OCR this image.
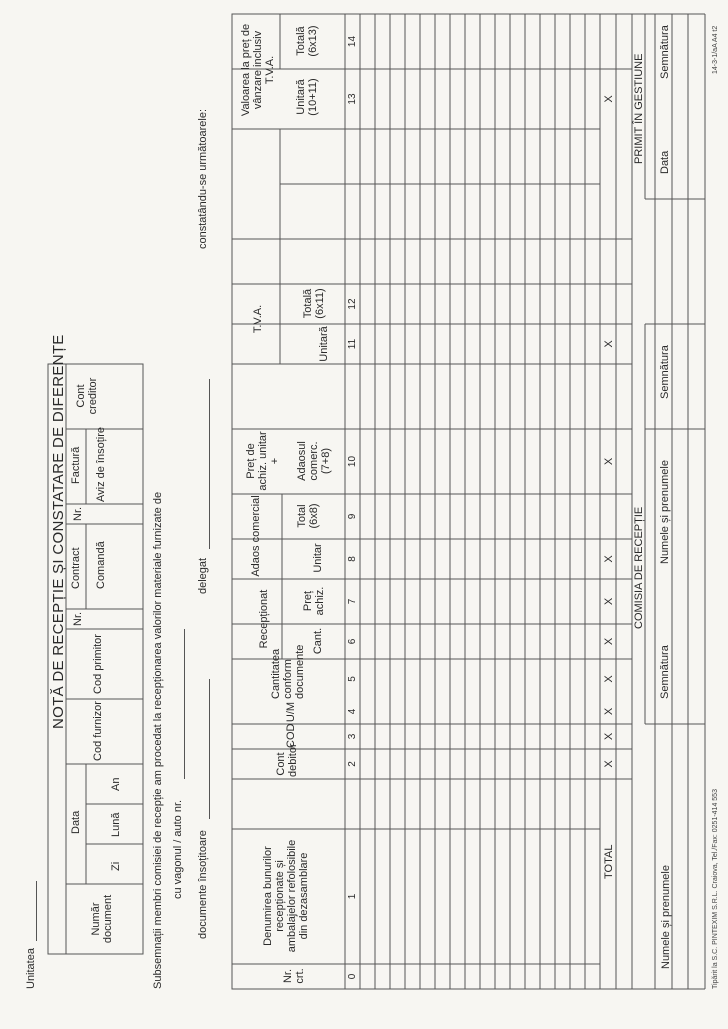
Unitatea
NOTĂ DE RECEPȚIE ȘI CONSTATARE DE DIFERENȚE
Număr document
Data
Zi
Lună
An
Cod furnizor
Cod primitor
Nr.
Contract Comandă
Nr.
Factură Aviz de însoțire
Cont creditor
Subsemnații membri comisiei de recepție am procedat la recepționarea valorilor materiale furnizate de cu vagonul / auto nr. documente însoțitoare
delegat
constatându-se următoarele:
Nr. crt.
Denumirea bunurilor recepționate și ambalajelor refolosibile din dezasamblare
Cont debitor
COD
U/M
Cantitatea conform documente
Recepționat	Cant.
Preț achiz.
Adaos comercial	Unitar
Total (6x8)
Preț de achiz. unitar + Adaosul comerc. (7+8)
T.V.A.
Unitară
Totală (6x11)
Valoarea la preț de vânzare inclusiv T.V.A.
Unitară (10+11)
Totală (6x13)
0
1
2
3
4
5
6
7
8
9
10
11
12
13
14
TOTAL
X
X
X
X
X
X
X
X
X
X
Numele și prenumele
COMISIA DE RECEPȚIE
Semnătura
Numele și prenumele
Semnătura
PRIMIT ÎN GESTIUNE Data
Semnătura
Tipărit la S.C. PINTEXIM S.R.L. Craiova, Tel./Fax: 0251-414 553
14-3-1/aA A4 t2
